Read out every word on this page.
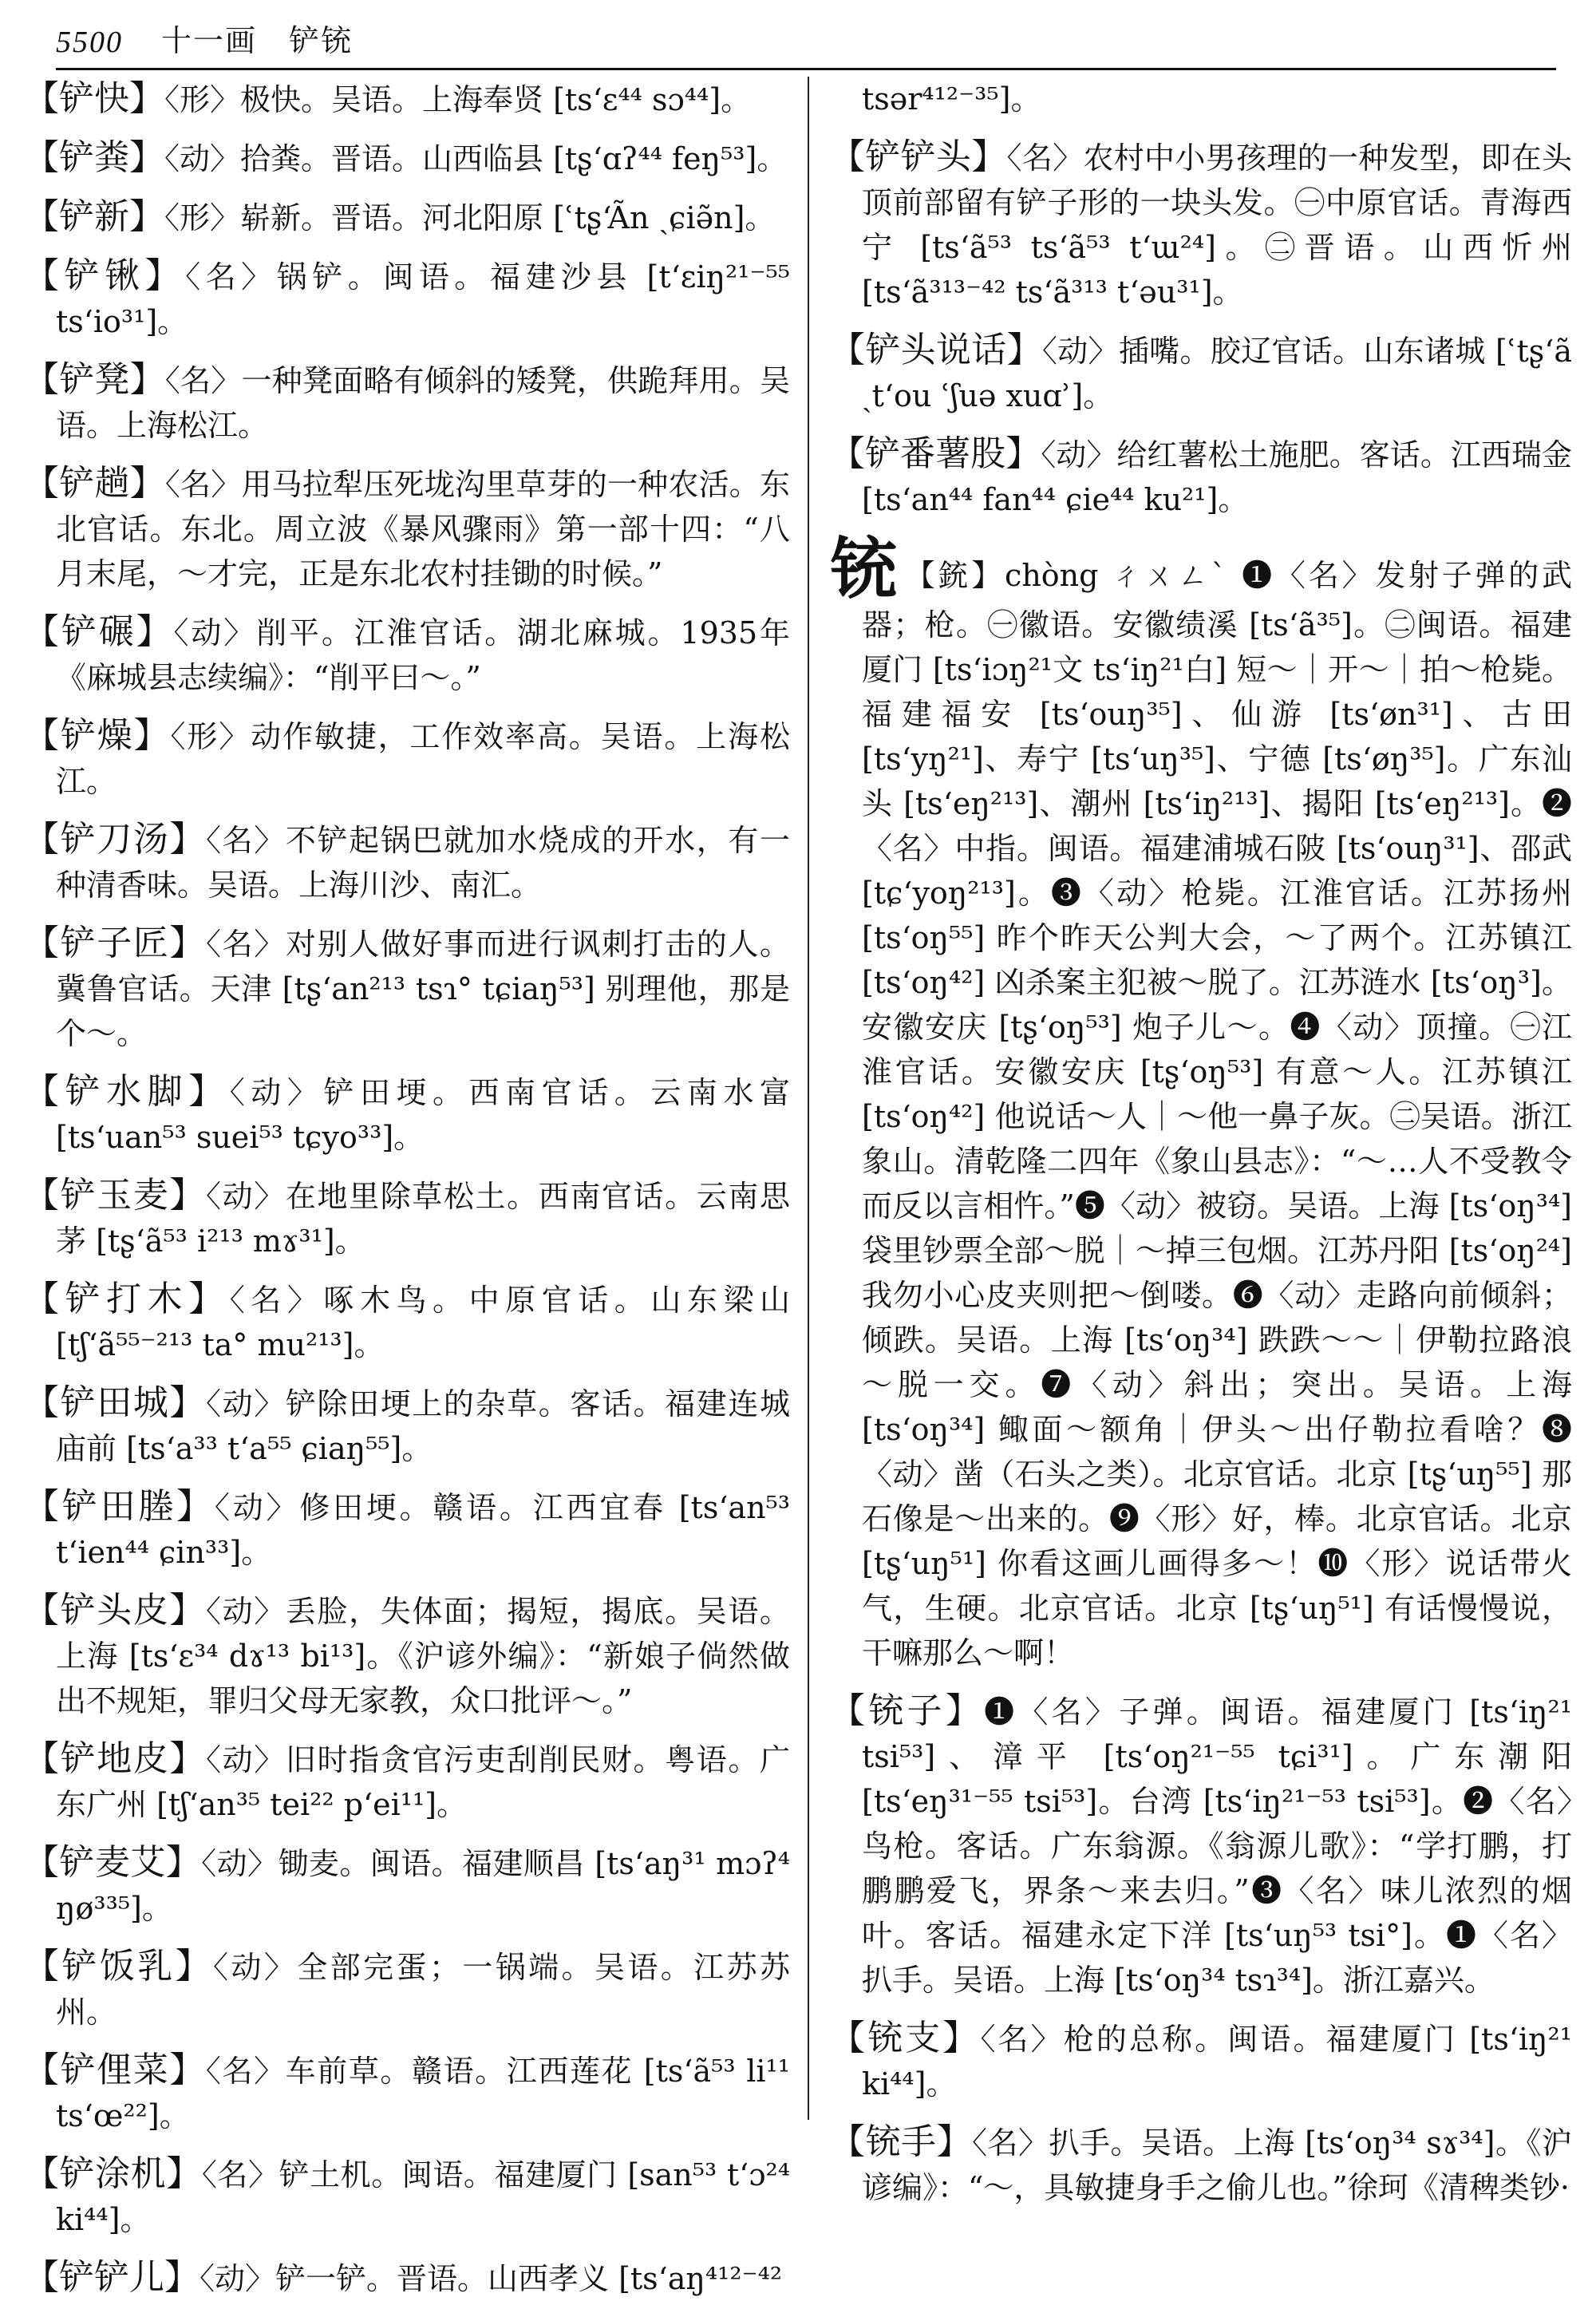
5500 十一画 铲铳

【铲快】〈形〉极快。吴语。上海奉贤 [tsʻɛ⁴⁴ sɔ⁴⁴]。

【铲粪】〈动〉拾粪。晋语。山西临县 [tʂʻɑʔ⁴⁴ feŋ⁵³]。

【铲新】〈形〉崭新。晋语。河北阳原 [ʿtʂʻÃn ˏɕiə̃n]。

【铲锹】〈名〉锅铲。闽语。福建沙县 [tʻɛiŋ²¹⁻⁵⁵ tsʻio³¹]。

【铲凳】〈名〉一种凳面略有倾斜的矮凳，供跪拜用。吴语。上海松江。

【铲趟】〈名〉用马拉犁压死垅沟里草芽的一种农活。东北官话。东北。周立波《暴风骤雨》第一部十四：“八月末尾，～才完，正是东北农村挂锄的时候。”

【铲碾】〈动〉削平。江淮官话。湖北麻城。1935年《麻城县志续编》：“削平曰～。”

【铲燥】〈形〉动作敏捷，工作效率高。吴语。上海松江。

【铲刀汤】〈名〉不铲起锅巴就加水烧成的开水，有一种清香味。吴语。上海川沙、南汇。

【铲子匠】〈名〉对别人做好事而进行讽刺打击的人。冀鲁官话。天津 [tʂʻan²¹³ tsɿ° tɕiaŋ⁵³] 别理他，那是个～。

【铲水脚】〈动〉铲田埂。西南官话。云南水富 [tsʻuan⁵³ suei⁵³ tɕyo³³]。

【铲玉麦】〈动〉在地里除草松土。西南官话。云南思茅 [tʂʻã⁵³ i²¹³ mɤ³¹]。

【铲打木】〈名〉啄木鸟。中原官话。山东梁山 [tʃʻã⁵⁵⁻²¹³ ta° mu²¹³]。

【铲田城】〈动〉铲除田埂上的杂草。客话。福建连城庙前 [tsʻa³³ tʻa⁵⁵ ɕiaŋ⁵⁵]。

【铲田塍】〈动〉修田埂。赣语。江西宜春 [tsʻan⁵³ tʻien⁴⁴ ɕin³³]。

【铲头皮】〈动〉丢脸，失体面；揭短，揭底。吴语。上海 [tsʻɛ³⁴ dɤ¹³ bi¹³]。《沪谚外编》：“新娘子倘然做出不规矩，罪归父母无家教，众口批评～。”

【铲地皮】〈动〉旧时指贪官污吏刮削民财。粤语。广东广州 [tʃʻan³⁵ tei²² pʻei¹¹]。

【铲麦艾】〈动〉锄麦。闽语。福建顺昌 [tsʻaŋ³¹ mɔʔ⁴ ŋø³³⁵]。

【铲饭乳】〈动〉全部完蛋；一锅端。吴语。江苏苏州。

【铲俚菜】〈名〉车前草。赣语。江西莲花 [tsʻã⁵³ li¹¹ tsʻœ²²]。

【铲涂机】〈名〉铲土机。闽语。福建厦门 [san⁵³ tʻɔ²⁴ ki⁴⁴]。

【铲铲儿】〈动〉铲一铲。晋语。山西孝义 [tsʻaŋ⁴¹²⁻⁴²

tsər⁴¹²⁻³⁵]。

【铲铲头】〈名〉农村中小男孩理的一种发型，即在头顶前部留有铲子形的一块头发。㊀中原官话。青海西宁 [tsʻã⁵³ tsʻã⁵³ tʻɯ²⁴]。㊁晋语。山西忻州 [tsʻã³¹³⁻⁴² tsʻã³¹³ tʻəu³¹]。

【铲头说话】〈动〉插嘴。胶辽官话。山东诸城 [ʿtʂʻã ˏtʻou ʿʃuə xuɑʾ]。

【铲番薯股】〈动〉给红薯松土施肥。客话。江西瑞金 [tsʻan⁴⁴ fan⁴⁴ ɕie⁴⁴ ku²¹]。

铳 【銃】chòng ㄔㄨㄥˋ ❶〈名〉发射子弹的武器；枪。㊀徽语。安徽绩溪 [tsʻã³⁵]。㊁闽语。福建厦门 [tsʻiɔŋ²¹文 tsʻiŋ²¹白] 短～｜开～｜拍～枪毙。福建福安 [tsʻouŋ³⁵]、仙游 [tsʻøn³¹]、古田 [tsʻyŋ²¹]、寿宁 [tsʻuŋ³⁵]、宁德 [tsʻøŋ³⁵]。广东汕头 [tsʻeŋ²¹³]、潮州 [tsʻiŋ²¹³]、揭阳 [tsʻeŋ²¹³]。❷〈名〉中指。闽语。福建浦城石陂 [tsʻouŋ³¹]、邵武 [tɕʻyoŋ²¹³]。❸〈动〉枪毙。江淮官话。江苏扬州 [tsʻoŋ⁵⁵] 昨个昨天公判大会，～了两个。江苏镇江 [tsʻoŋ⁴²] 凶杀案主犯被～脱了。江苏涟水 [tsʻoŋ³]。安徽安庆 [tʂʻoŋ⁵³] 炮子儿～。❹〈动〉顶撞。㊀江淮官话。安徽安庆 [tʂʻoŋ⁵³] 有意～人。江苏镇江 [tsʻoŋ⁴²] 他说话～人｜～他一鼻子灰。㊁吴语。浙江象山。清乾隆二四年《象山县志》：“～…人不受教令而反以言相忤。”❺〈动〉被窃。吴语。上海 [tsʻoŋ³⁴] 袋里钞票全部～脱｜～掉三包烟。江苏丹阳 [tsʻoŋ²⁴] 我勿小心皮夹则把～倒喽。❻〈动〉走路向前倾斜；倾跌。吴语。上海 [tsʻoŋ³⁴] 跌跌～～｜伊勒拉路浪～脱一交。❼〈动〉斜出；突出。吴语。上海 [tsʻoŋ³⁴] 鲰面～额角｜伊头～出仔勒拉看啥？❽〈动〉凿（石头之类）。北京官话。北京 [tʂʻuŋ⁵⁵] 那石像是～出来的。❾〈形〉好，棒。北京官话。北京 [tʂʻuŋ⁵¹] 你看这画儿画得多～！❿〈形〉说话带火气，生硬。北京官话。北京 [tʂʻuŋ⁵¹] 有话慢慢说，干嘛那么～啊！

【铳子】❶〈名〉子弹。闽语。福建厦门 [tsʻiŋ²¹ tsi⁵³]、漳平 [tsʻoŋ²¹⁻⁵⁵ tɕi³¹]。广东潮阳 [tsʻeŋ³¹⁻⁵⁵ tsi⁵³]。台湾 [tsʻiŋ²¹⁻⁵³ tsi⁵³]。❷〈名〉鸟枪。客话。广东翁源。《翁源儿歌》：“学打鹏，打鹏鹏爱飞，界条～来去归。”❸〈名〉味儿浓烈的烟叶。客话。福建永定下洋 [tsʻuŋ⁵³ tsi°]。❶〈名〉扒手。吴语。上海 [tsʻoŋ³⁴ tsɿ³⁴]。浙江嘉兴。

【铳支】〈名〉枪的总称。闽语。福建厦门 [tsʻiŋ²¹ ki⁴⁴]。

【铳手】〈名〉扒手。吴语。上海 [tsʻoŋ³⁴ sɤ³⁴]。《沪谚编》：“～，具敏捷身手之偷儿也。”徐珂《清稗类钞·
